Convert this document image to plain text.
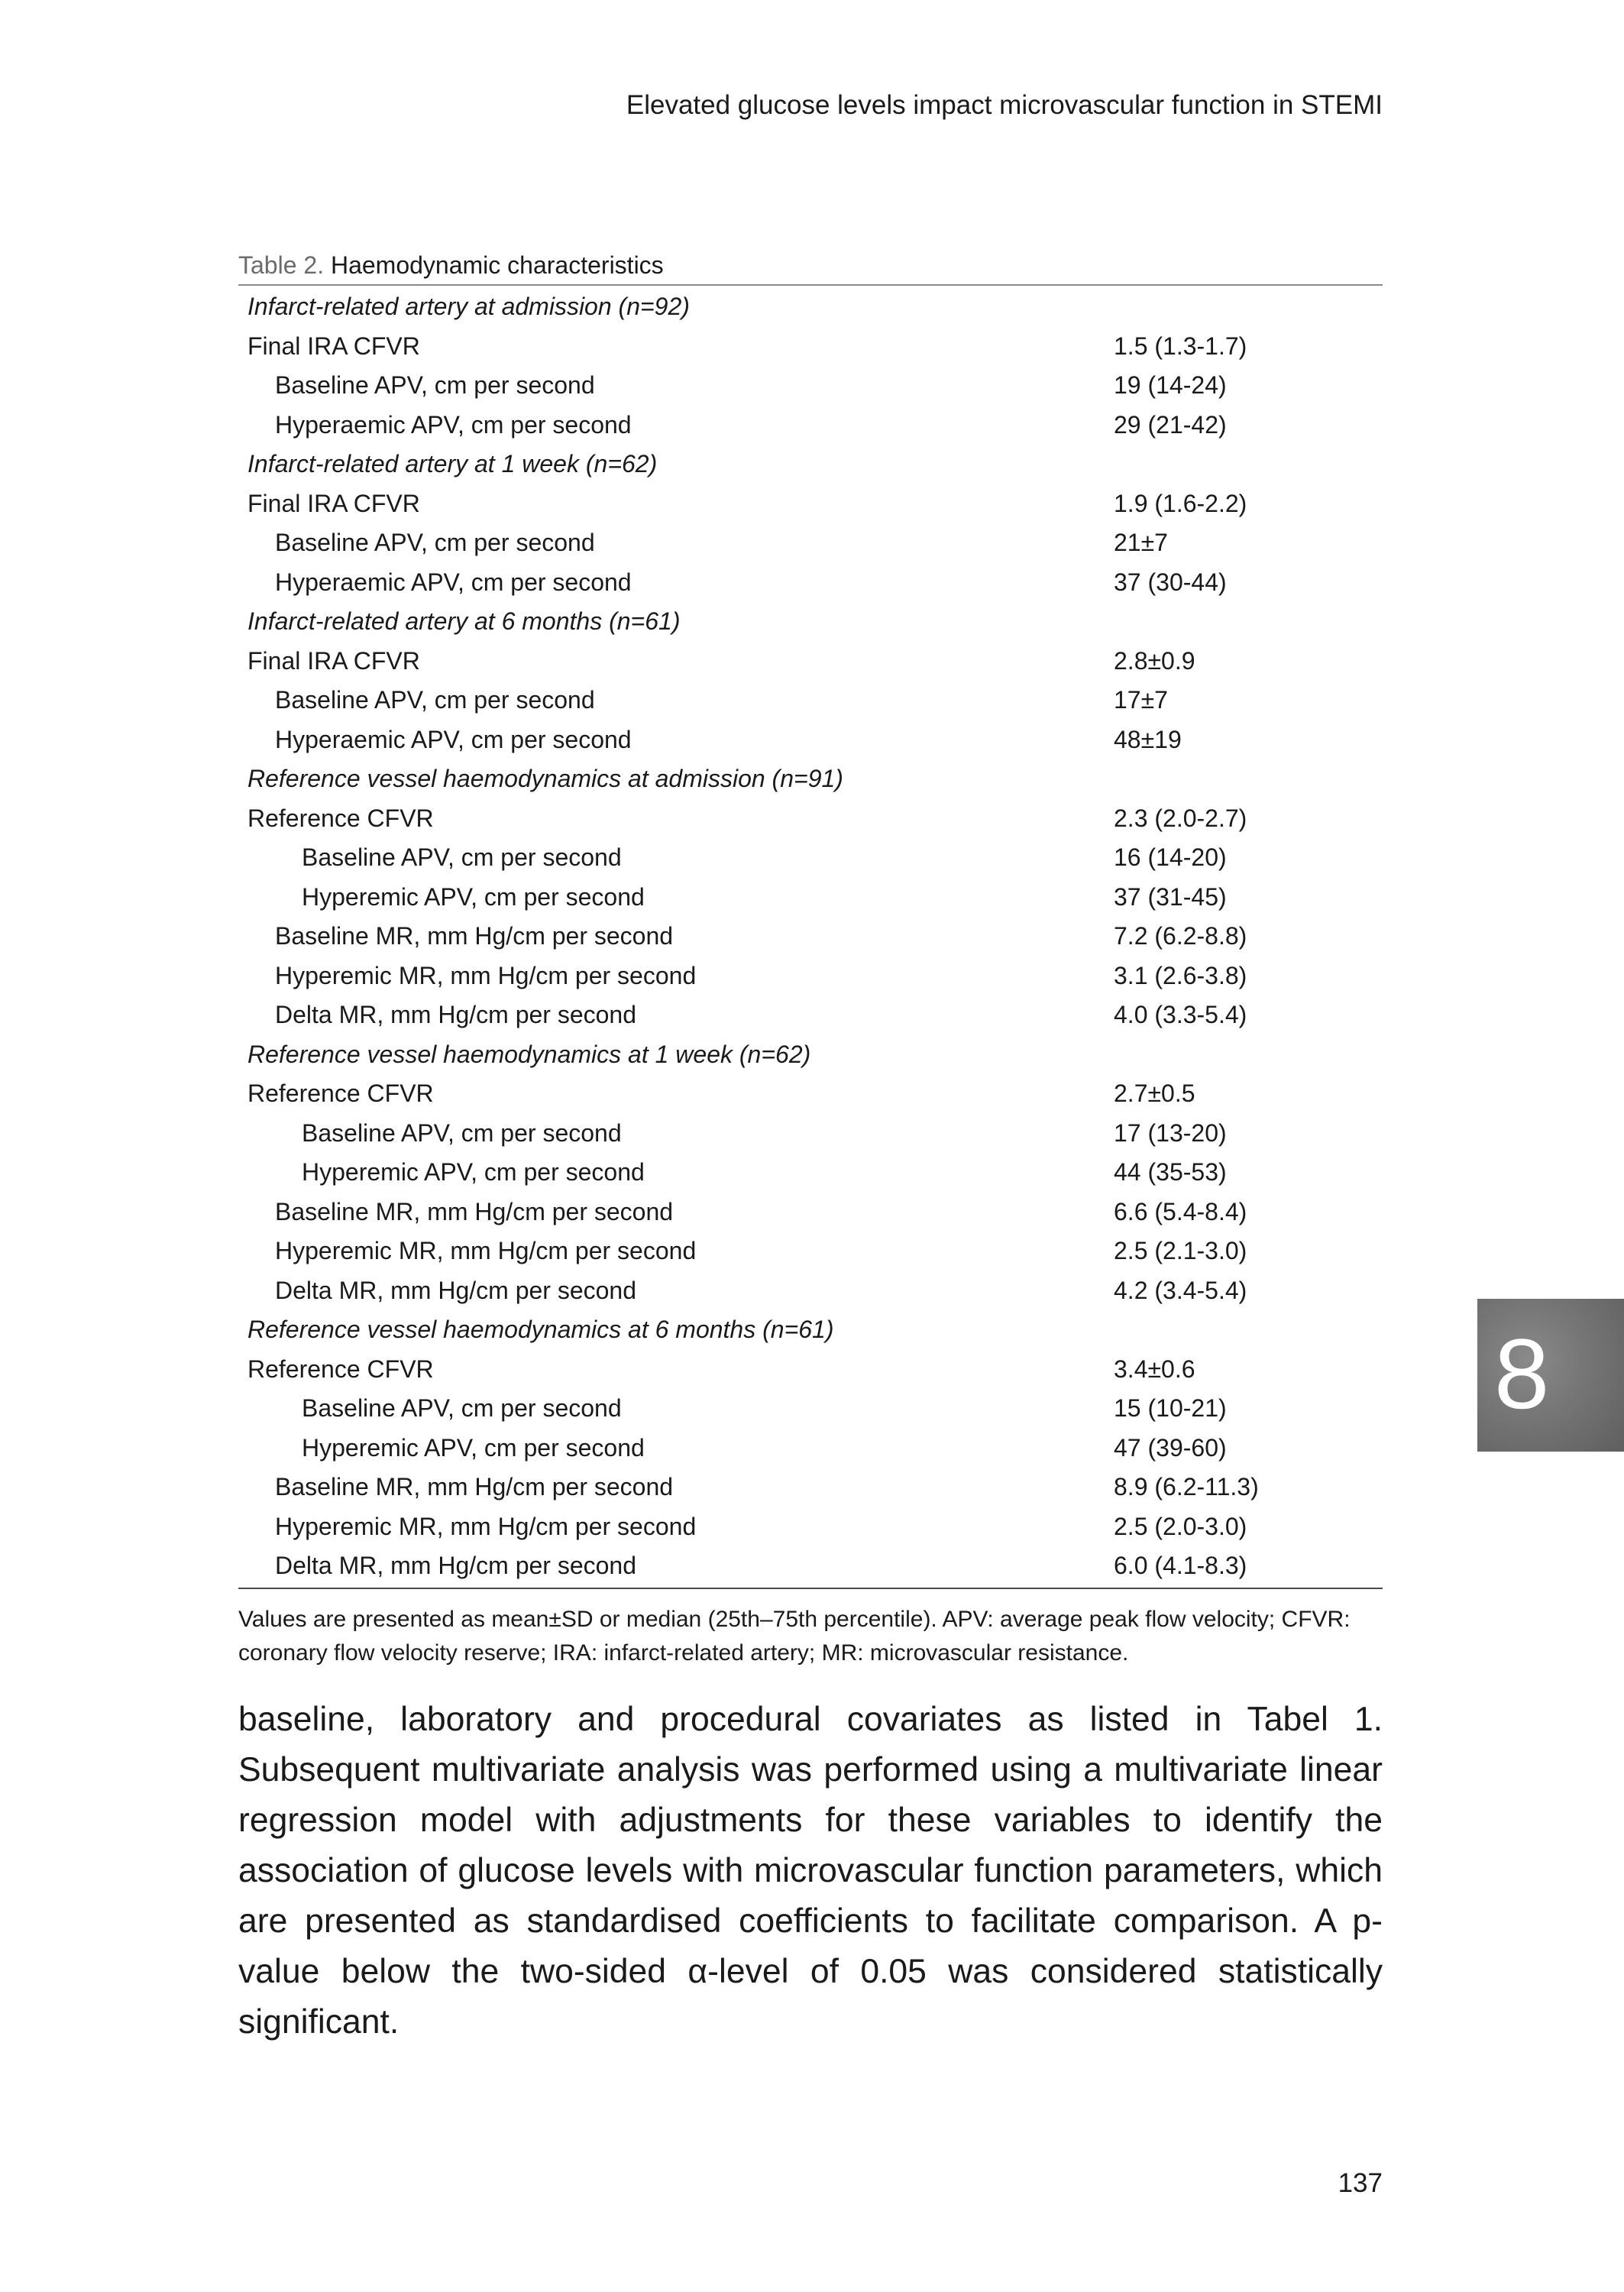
Elevated glucose levels impact microvascular function in STEMI
Table 2. Haemodynamic characteristics
Infarct-related artery at admission (n=92)
Final IRA CFVR	1.5 (1.3-1.7)
Baseline APV, cm per second	19 (14-24)
Hyperaemic APV, cm per second	29 (21-42)
Infarct-related artery at 1 week (n=62)
Final IRA CFVR	1.9 (1.6-2.2)
Baseline APV, cm per second	21±7
Hyperaemic APV, cm per second	37 (30-44)
Infarct-related artery at 6 months (n=61)
Final IRA CFVR	2.8±0.9
Baseline APV, cm per second	17±7
Hyperaemic APV, cm per second	48±19
Reference vessel haemodynamics at admission (n=91)
Reference CFVR	2.3 (2.0-2.7)
Baseline APV, cm per second	16 (14-20)
Hyperemic APV, cm per second	37 (31-45)
Baseline MR, mm Hg/cm per second	7.2 (6.2-8.8)
Hyperemic MR, mm Hg/cm per second	3.1 (2.6-3.8)
Delta MR, mm Hg/cm per second	4.0 (3.3-5.4)
Reference vessel haemodynamics at 1 week (n=62)
Reference CFVR	2.7±0.5
Baseline APV, cm per second	17 (13-20)
Hyperemic APV, cm per second	44 (35-53)
Baseline MR, mm Hg/cm per second	6.6 (5.4-8.4)
Hyperemic MR, mm Hg/cm per second	2.5 (2.1-3.0)
Delta MR, mm Hg/cm per second	4.2 (3.4-5.4)
Reference vessel haemodynamics at 6 months (n=61)
Reference CFVR	3.4±0.6
Baseline APV, cm per second	15 (10-21)
Hyperemic APV, cm per second	47 (39-60)
Baseline MR, mm Hg/cm per second	8.9 (6.2-11.3)
Hyperemic MR, mm Hg/cm per second	2.5 (2.0-3.0)
Delta MR, mm Hg/cm per second	6.0 (4.1-8.3)
Values are presented as mean±SD or median (25th–75th percentile). APV: average peak flow velocity; CFVR: coronary flow velocity reserve; IRA: infarct-related artery; MR: microvascular resistance.
baseline, laboratory and procedural covariates as listed in Tabel 1. Subsequent multivariate analysis was performed using a multivariate linear regression model with adjustments for these variables to identify the association of glucose levels with microvascular function parameters, which are presented as standardised coefficients to facilitate comparison. A p-value below the two-sided α-level of 0.05 was considered statistically significant.
8
137
